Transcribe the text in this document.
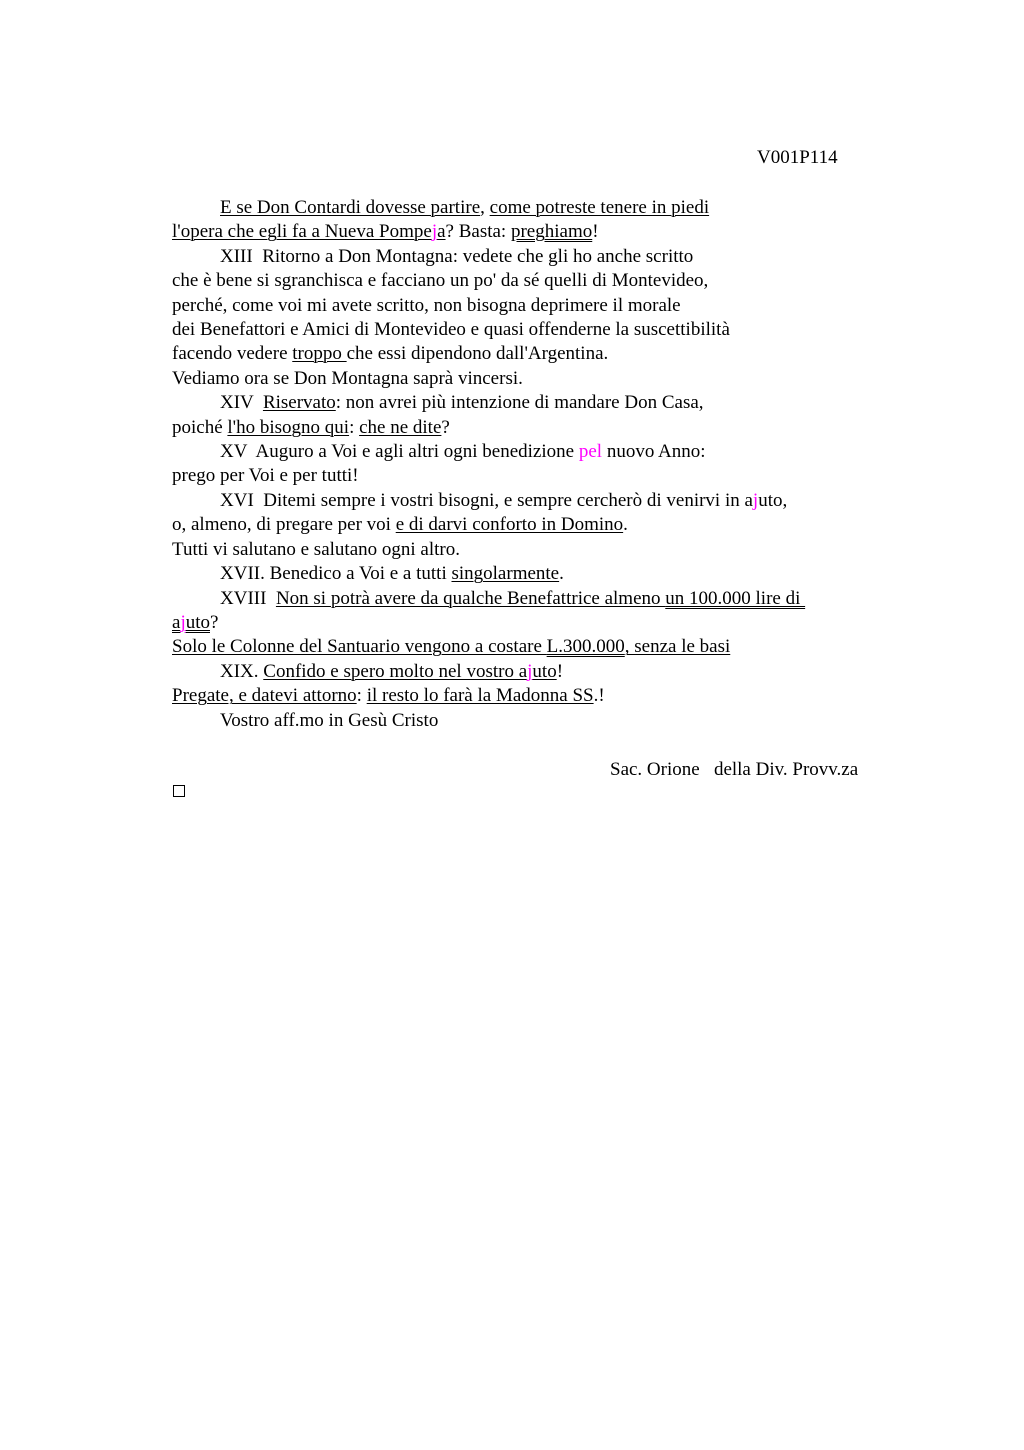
V001P114
E se Don Contardi dovesse partire, come potreste tenere in piedi
l'opera che egli fa a Nueva Pompeja? Basta: preghiamo!
XIII  Ritorno a Don Montagna: vedete che gli ho anche scritto
che è bene si sgranchisca e facciano un po' da sé quelli di Montevideo,
perché, come voi mi avete scritto, non bisogna deprimere il morale
dei Benefattori e Amici di Montevideo e quasi offenderne la suscettibilità
facendo vedere troppo che essi dipendono dall'Argentina.
Vediamo ora se Don Montagna saprà vincersi.
XIV  Riservato: non avrei più intenzione di mandare Don Casa,
poiché l'ho bisogno qui: che ne dite?
XV  Auguro a Voi e agli altri ogni benedizione pel nuovo Anno:
prego per Voi e per tutti!
XVI  Ditemi sempre i vostri bisogni, e sempre cercherò di venirvi in ajuto,
o, almeno, di pregare per voi e di darvi conforto in Domino.
Tutti vi salutano e salutano ogni altro.
XVII. Benedico a Voi e a tutti singolarmente.
XVIII  Non si potrà avere da qualche Benefattrice almeno un 100.000 lire di
ajuto?
Solo le Colonne del Santuario vengono a costare L.300.000, senza le basi
XIX. Confido e spero molto nel vostro ajuto!
Pregate, e datevi attorno: il resto lo farà la Madonna SS.!
Vostro aff.mo in Gesù Cristo
Sac. Orione   della Div. Provv.za
